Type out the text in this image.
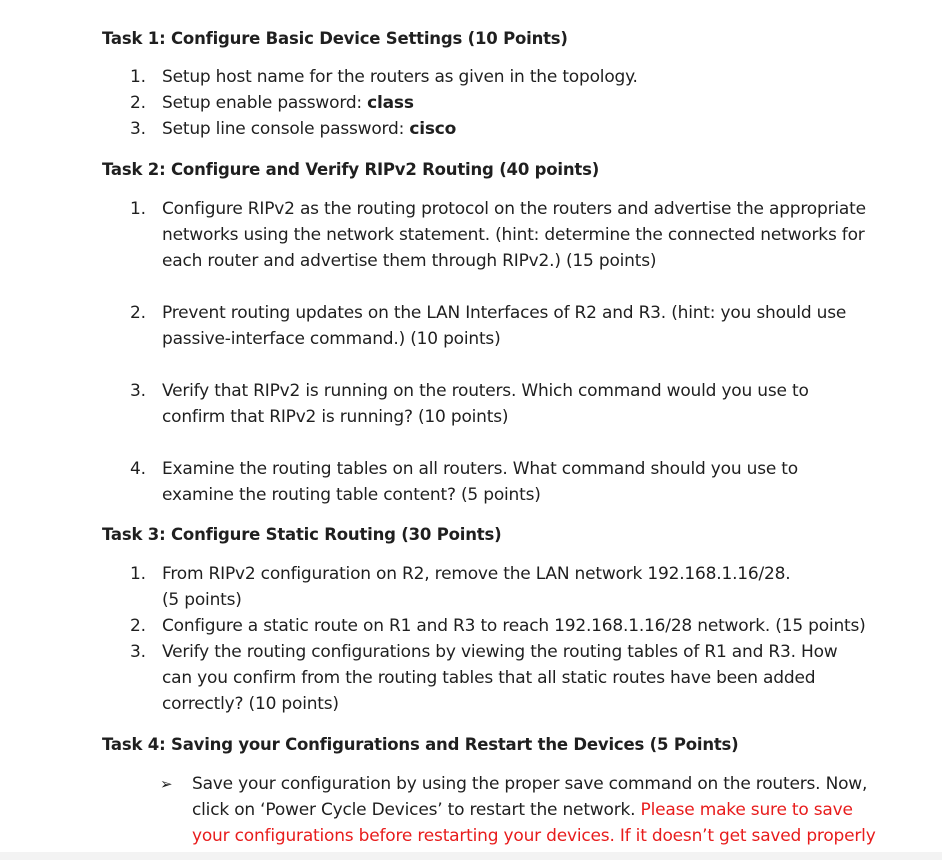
Task 1: Configure Basic Device Settings (10 Points)
1. Setup host name for the routers as given in the topology.
2. Setup enable password: class
3. Setup line console password: cisco
Task 2: Configure and Verify RIPv2 Routing (40 points)
1. Configure RIPv2 as the routing protocol on the routers and advertise the appropriate
networks using the network statement. (hint: determine the connected networks for
each router and advertise them through RIPv2.) (15 points)
2. Prevent routing updates on the LAN Interfaces of R2 and R3. (hint: you should use
passive-interface command.) (10 points)
3. Verify that RIPv2 is running on the routers. Which command would you use to
confirm that RIPv2 is running? (10 points)
4. Examine the routing tables on all routers. What command should you use to
examine the routing table content? (5 points)
Task 3: Configure Static Routing (30 Points)
1. From RIPv2 configuration on R2, remove the LAN network 192.168.1.16/28.
(5 points)
2. Configure a static route on R1 and R3 to reach 192.168.1.16/28 network. (15 points)
3. Verify the routing configurations by viewing the routing tables of R1 and R3. How
can you confirm from the routing tables that all static routes have been added
correctly? (10 points)
Task 4: Saving your Configurations and Restart the Devices (5 Points)
➢ Save your configuration by using the proper save command on the routers. Now,
click on ‘Power Cycle Devices’ to restart the network. Please make sure to save
your configurations before restarting your devices. If it doesn’t get saved properly
